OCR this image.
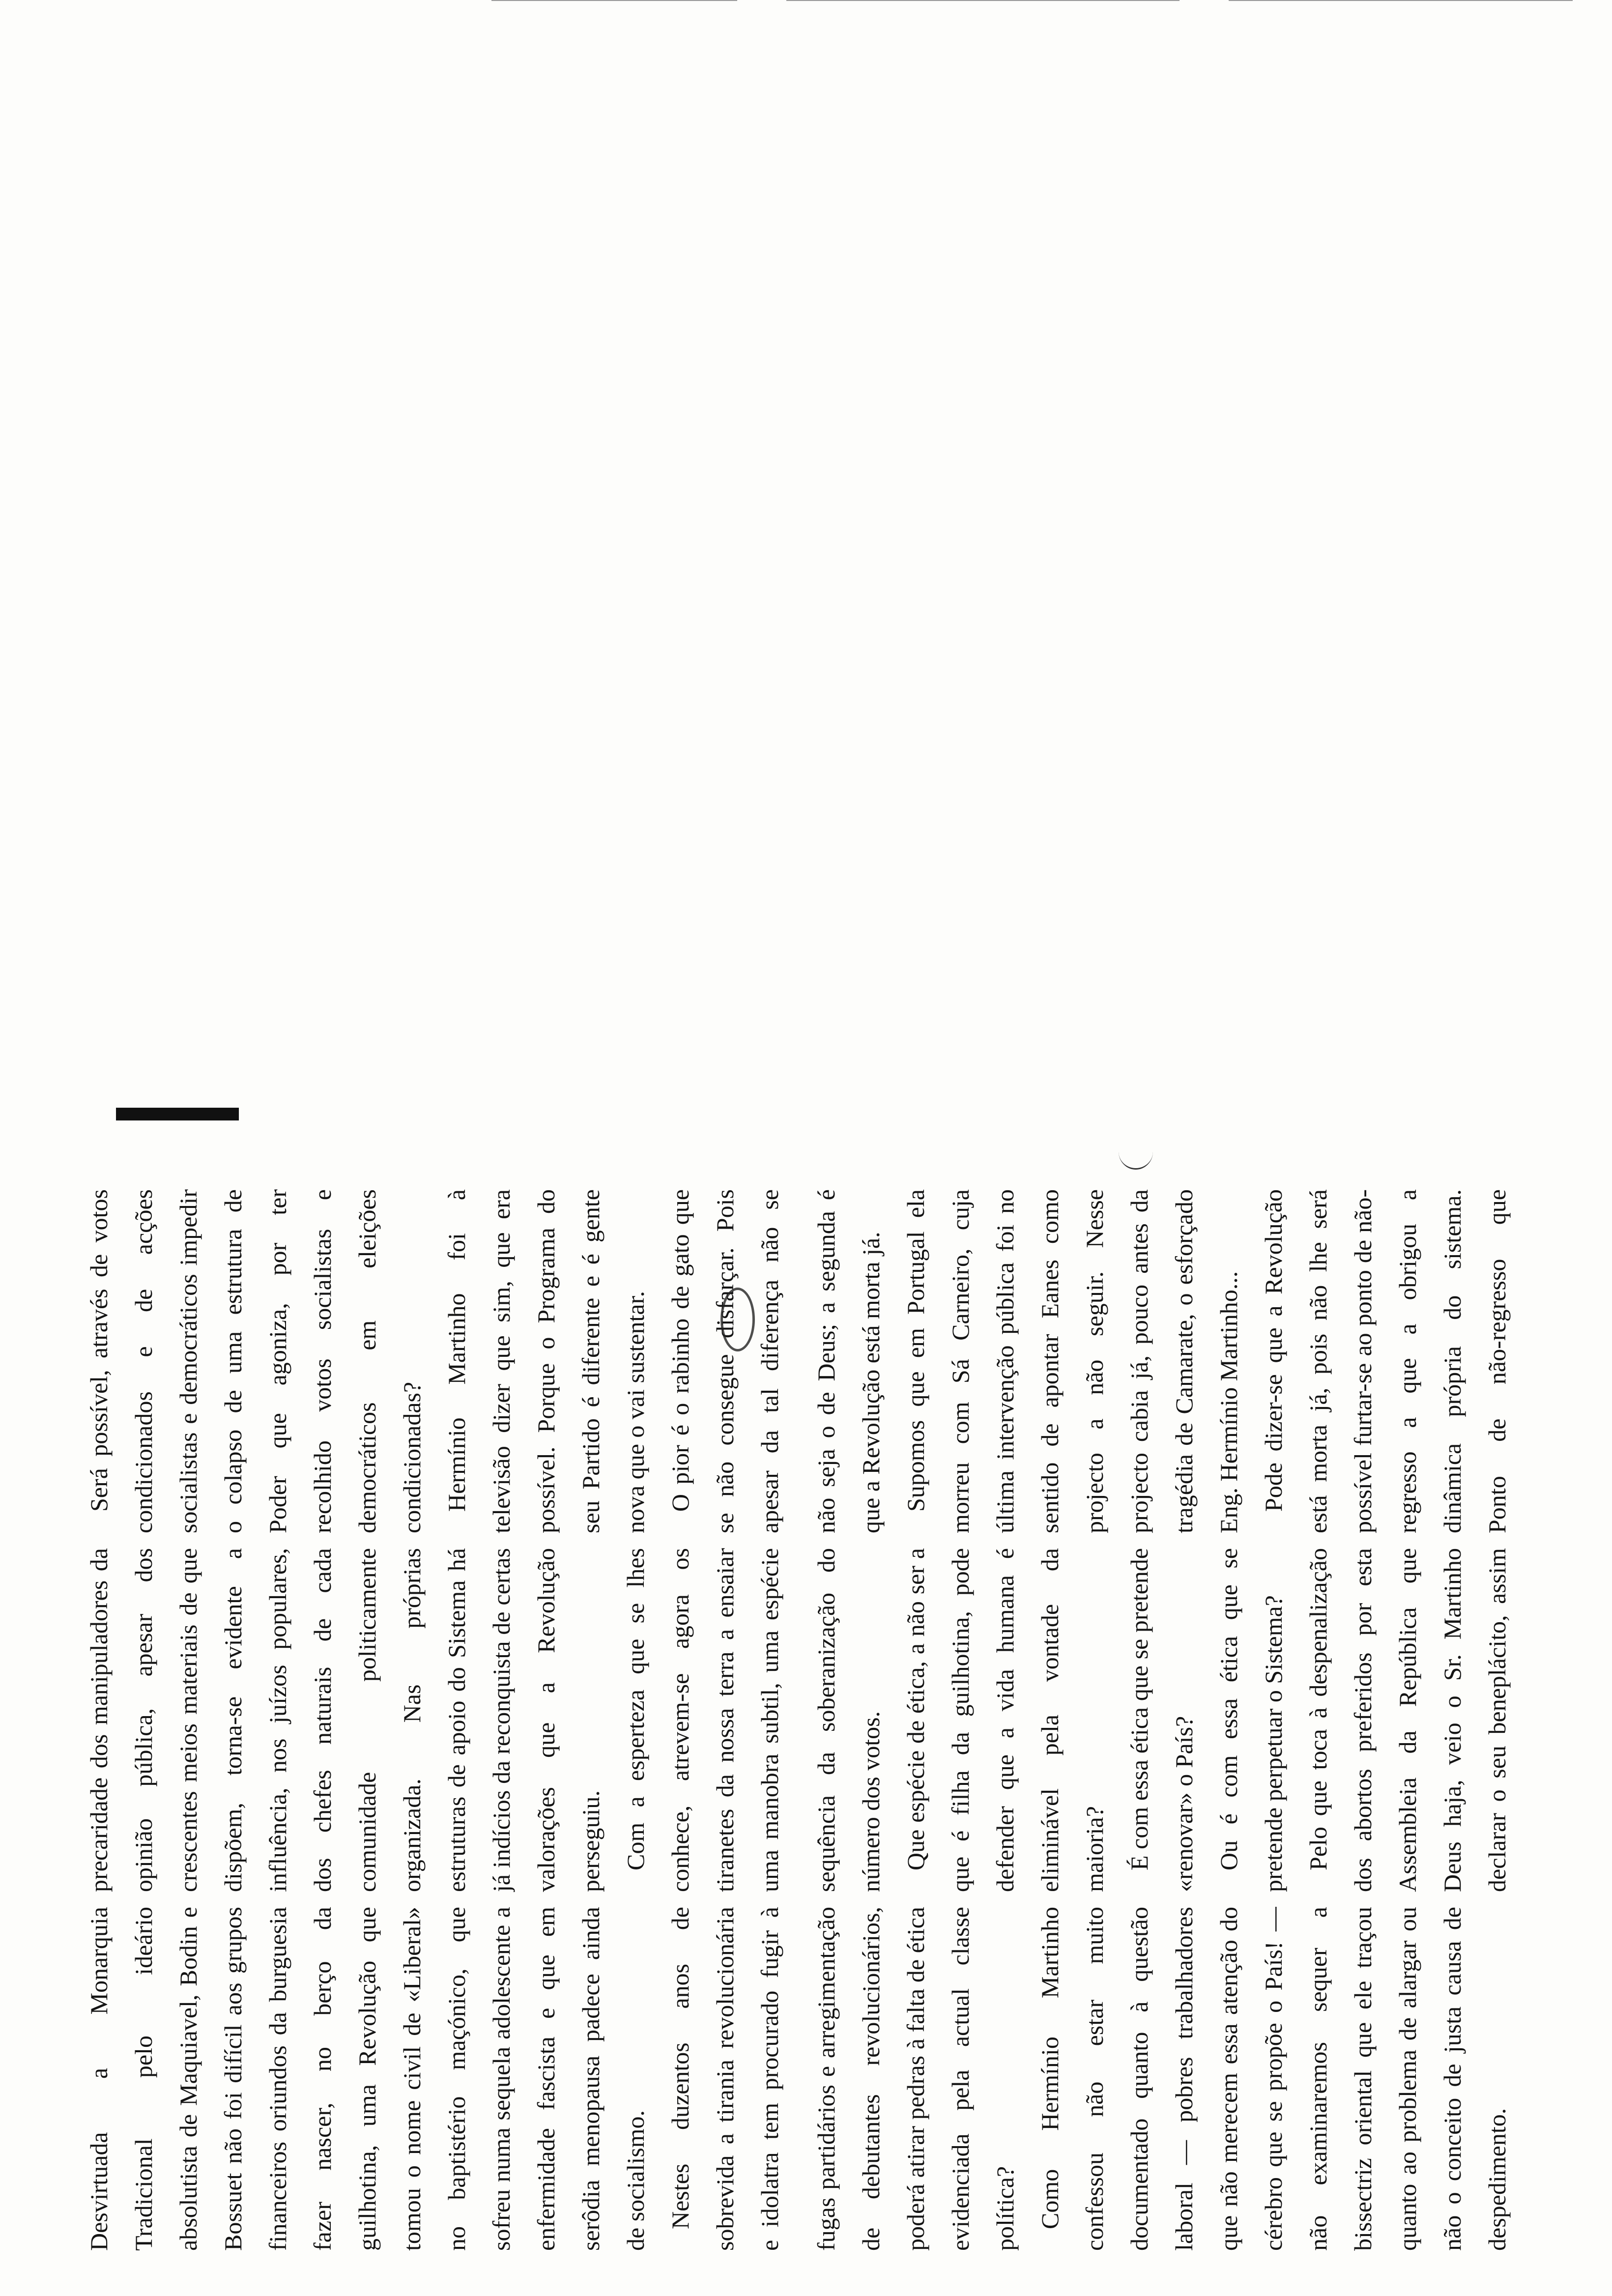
Desvirtuada a Monarquia Tradicional pelo ideário absolutista de Maquiavel, Bodin e Bossuet não foi difícil aos grupos financeiros oriundos da burguesia fazer nascer, no berço da guilhotina, uma Revolução que tomou o nome civil de «Liberal» no baptistério maçónico, que sofreu numa sequela adolescente a enfermidade fascista e que em serôdia menopausa padece ainda de socialismo. Nestes duzentos anos de sobrevida a tirania revolucionária e idolatra tem procurado fugir à

precaridade dos manipuladores da opinião pública, apesar dos crescentes meios materiais de que dispõem, torna-se evidente a influência, nos juízos populares, dos chefes naturais de cada comunidade politicamente organizada. Nas próprias estruturas de apoio do Sistema há já indícios da reconquista de certas valorações que a Revolução perseguiu. Com a esperteza que se lhes conhece, atrevem-se agora os tiranetes da nossa terra a ensaiar uma manobra subtil, uma espécie

Será possível, através de votos condicionados e de acções socialistas e democráticos impedir o colapso de uma estrutura de Poder que agoniza, por ter recolhido votos socialistas e democráticos em eleições condicionadas? Hermínio Martinho foi à televisão dizer que sim, que era possível. Porque o Programa do seu Partido é diferente e é gente nova que o vai sustentar. O pior é o rabinho de gato que se não consegue disfarçar. Pois apesar da tal diferença não se

fugas partidários e arregimentação de debutantes revolucionários, poderá atirar pedras à falta de ética evidenciada pela actual classe política? Como Hermínio Martinho confessou não estar muito documentado quanto à questão laboral — pobres trabalhadores que não merecem essa atenção do cérebro que se propõe o País! — não examinaremos sequer a bissectriz oriental que ele traçou quanto ao problema de alargar ou não o conceito de justa causa de despedimento.

sequência da soberanização do número dos votos. Que espécie de ética, a não ser a que é filha da guilhotina, pode defender que a vida humana é eliminável pela vontade da maioria? É com essa ética que se pretende «renovar» o País? Ou é com essa ética que se pretende perpetuar o Sistema? Pelo que toca à despenalização dos abortos preferidos por esta Assembleia da República que Deus haja, veio o Sr. Martinho declarar o seu beneplácito, assim

não seja o de Deus; a segunda é que a Revolução está morta já. Supomos que em Portugal ela morreu com Sá Carneiro, cuja última intervenção pública foi no sentido de apontar Eanes como projecto a não seguir. Nesse projecto cabia já, pouco antes da tragédia de Camarate, o esforçado Eng. Hermínio Martinho... Pode dizer-se que a Revolução está morta já, pois não lhe será possível furtar-se ao ponto de não-regresso a que a obrigou a dinâmica própria do sistema. Ponto de não-regresso que
